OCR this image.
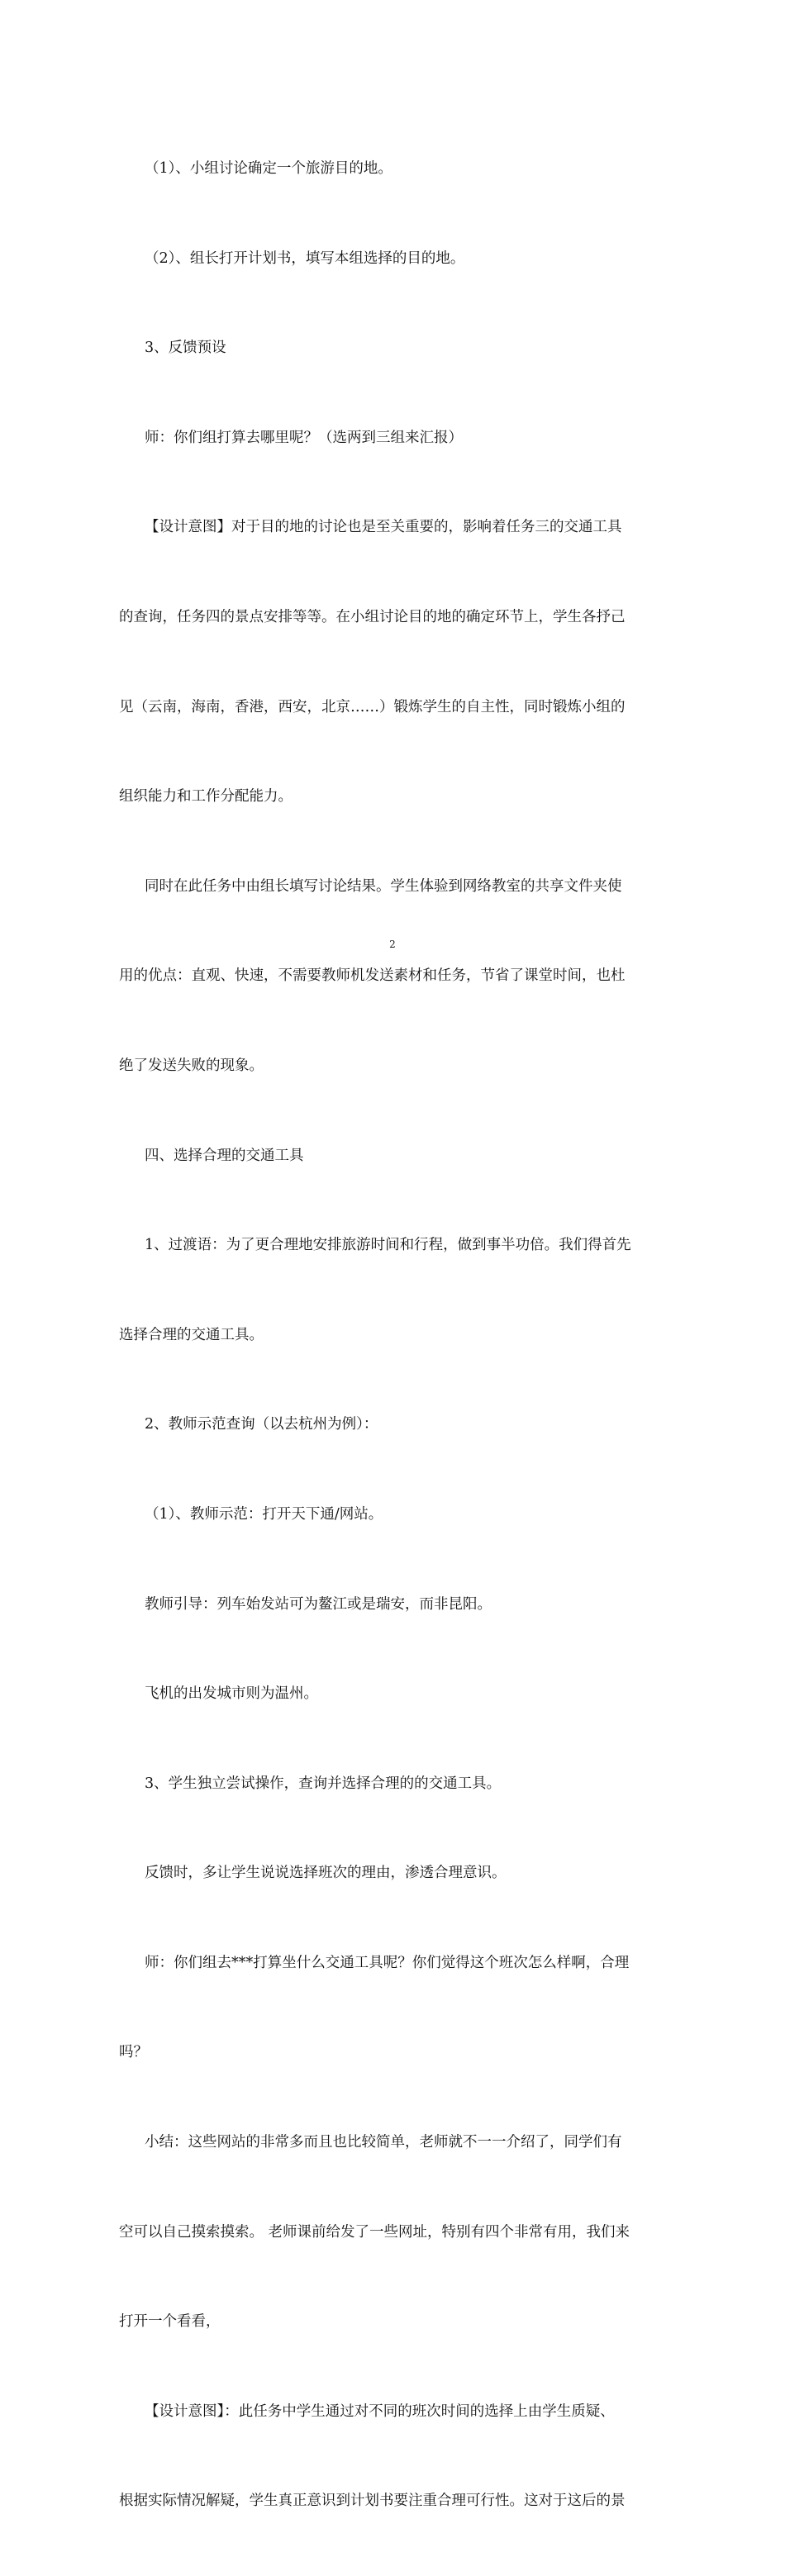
（1）、小组讨论确定一个旅游目的地。

（2）、组长打开计划书，填写本组选择的目的地。

3、反馈预设

师：你们组打算去哪里呢？（选两到三组来汇报）

【设计意图】对于目的地的讨论也是至关重要的，影响着任务三的交通工具

的查询，任务四的景点安排等等。在小组讨论目的地的确定环节上，学生各抒己

见（云南，海南，香港，西安，北京……）锻炼学生的自主性，同时锻炼小组的

组织能力和工作分配能力。

同时在此任务中由组长填写讨论结果。学生体验到网络教室的共享文件夹使

用的优点：直观、快速，不需要教师机发送素材和任务，节省了课堂时间，也杜

绝了发送失败的现象。

四、选择合理的交通工具

1、过渡语：为了更合理地安排旅游时间和行程，做到事半功倍。我们得首先

选择合理的交通工具。

2、教师示范查询（以去杭州为例）：

（1）、教师示范：打开天下通/网站。

教师引导：列车始发站可为鳌江或是瑞安，而非昆阳。

飞机的出发城市则为温州。

3、学生独立尝试操作，查询并选择合理的的交通工具。

反馈时，多让学生说说选择班次的理由，渗透合理意识。

师：你们组去***打算坐什么交通工具呢？你们觉得这个班次怎么样啊，合理

吗？

小结：这些网站的非常多而且也比较简单，老师就不一一介绍了，同学们有

空可以自己摸索摸索。 老师课前给发了一些网址，特别有四个非常有用，我们来

打开一个看看，

【设计意图】：此任务中学生通过对不同的班次时间的选择上由学生质疑、

根据实际情况解疑，学生真正意识到计划书要注重合理可行性。这对于这后的景

2
